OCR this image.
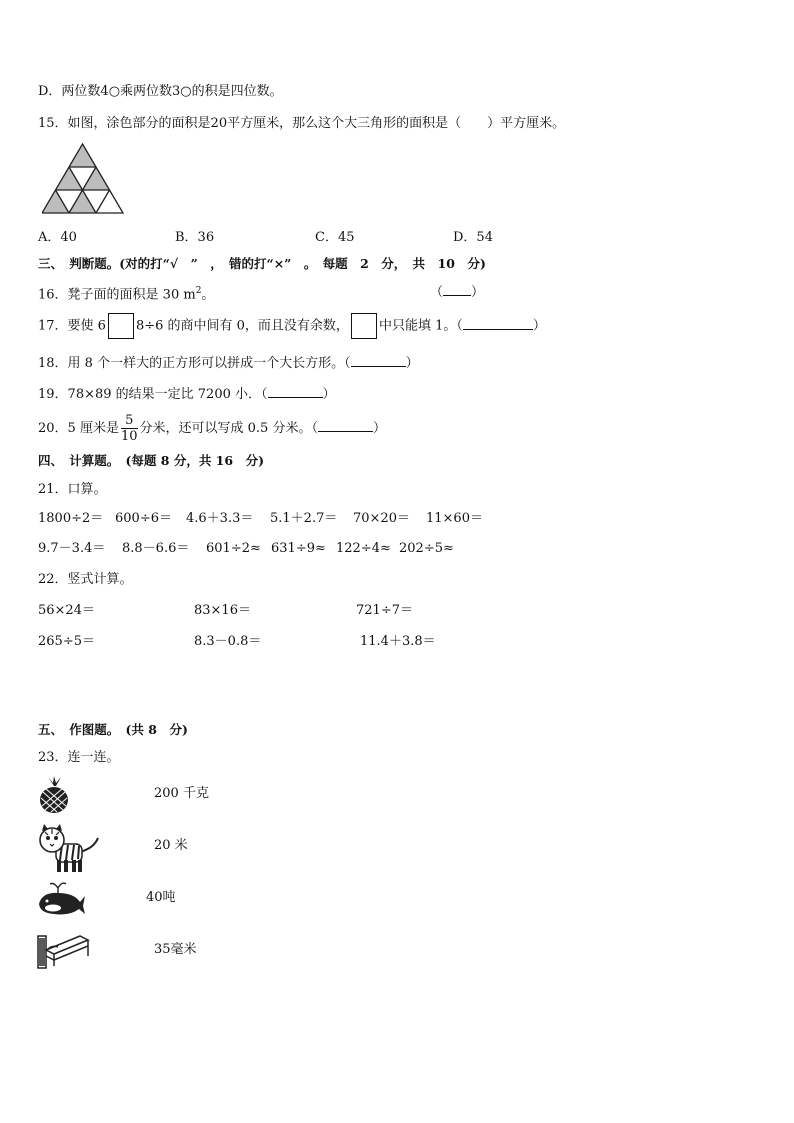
D．两位数4○乘两位数3○的积是四位数。
15．如图，涂色部分的面积是20平方厘米，那么这个大三角形的面积是（ ）平方厘米。
A．40	B．36	C．45	D．54
三、　判断题。(对的打“√　”　，　错的打“×”　。　每题　2　分，　共　10　分)
16．凳子面的面积是 30 $m^2$。	（ ）
17．要使 6 8÷6 的商中间有 0，而且没有余数， 中只能填 1。（	）
18．用 8 个一样大的正方形可以拼成一个大长方形。（	）
19．78×89 的结果一定比 7200 小．（	）
20．5 厘米是 $\frac{5}{10}$ 分米，还可以写成 0.5 分米。（	）
四、　计算题。　(每题 8 分，共 16　分)
21．口算。
1800÷2＝ 600÷6＝ 4.6＋3.3＝ 5.1＋2.7＝ 70×20＝ 11×60＝
9.7－3.4＝ 8.8－6.6＝ 601÷2≈ 631÷9≈ 122÷4≈ 202÷5≈
22．竖式计算。
56×24＝	83×16＝	721÷7＝
265÷5＝	8.3－0.8＝	11.4＋3.8＝
五、　作图题。　(共 8　分)
23．连一连。
200 千克
20 米
40吨
35毫米
